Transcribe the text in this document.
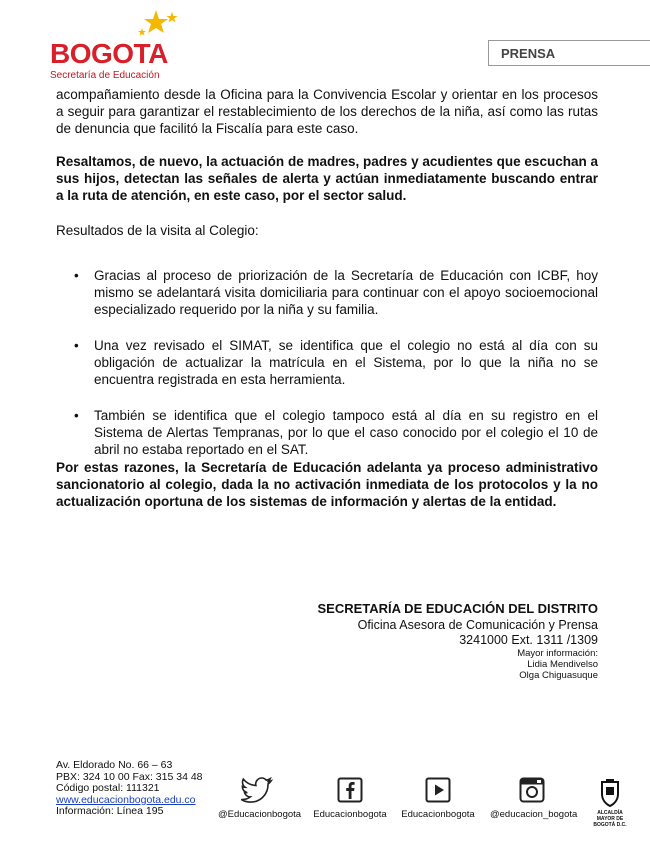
BOGOTA
Secretaría de Educación
PRENSA
acompañamiento desde la Oficina para la Convivencia Escolar y orientar en los procesos a seguir para garantizar el restablecimiento de los derechos de la niña, así como las rutas de denuncia que facilitó la Fiscalía para este caso.
Resaltamos, de nuevo, la actuación de madres, padres y acudientes que escuchan a sus hijos, detectan las señales de alerta y actúan inmediatamente buscando entrar a la ruta de atención, en este caso, por el sector salud.
Resultados de la visita al Colegio:
• Gracias al proceso de priorización de la Secretaría de Educación con ICBF, hoy mismo se adelantará visita domiciliaria para continuar con el apoyo socioemocional especializado requerido por la niña y su familia.
• Una vez revisado el SIMAT, se identifica que el colegio no está al día con su obligación de actualizar la matrícula en el Sistema, por lo que la niña no se encuentra registrada en esta herramienta.
• También se identifica que el colegio tampoco está al día en su registro en el Sistema de Alertas Tempranas, por lo que el caso conocido por el colegio el 10 de abril no estaba reportado en el SAT.
Por estas razones, la Secretaría de Educación adelanta ya proceso administrativo sancionatorio al colegio, dada la no activación inmediata de los protocolos y la no actualización oportuna de los sistemas de información y alertas de la entidad.
SECRETARÍA DE EDUCACIÓN DEL DISTRITO
Oficina Asesora de Comunicación y Prensa
3241000 Ext. 1311 /1309
Mayor información:
Lidia Mendivelso
Olga Chiguasuque
Av. Eldorado No. 66 – 63
PBX: 324 10 00 Fax: 315 34 48
Código postal: 111321
www.educacionbogota.edu.co
Información: Línea 195	@Educacionbogota Educacionbogota Educacionbogota @educacion_bogota	ALCALDÍA MAYOR DE BOGOTÁ D.C.
